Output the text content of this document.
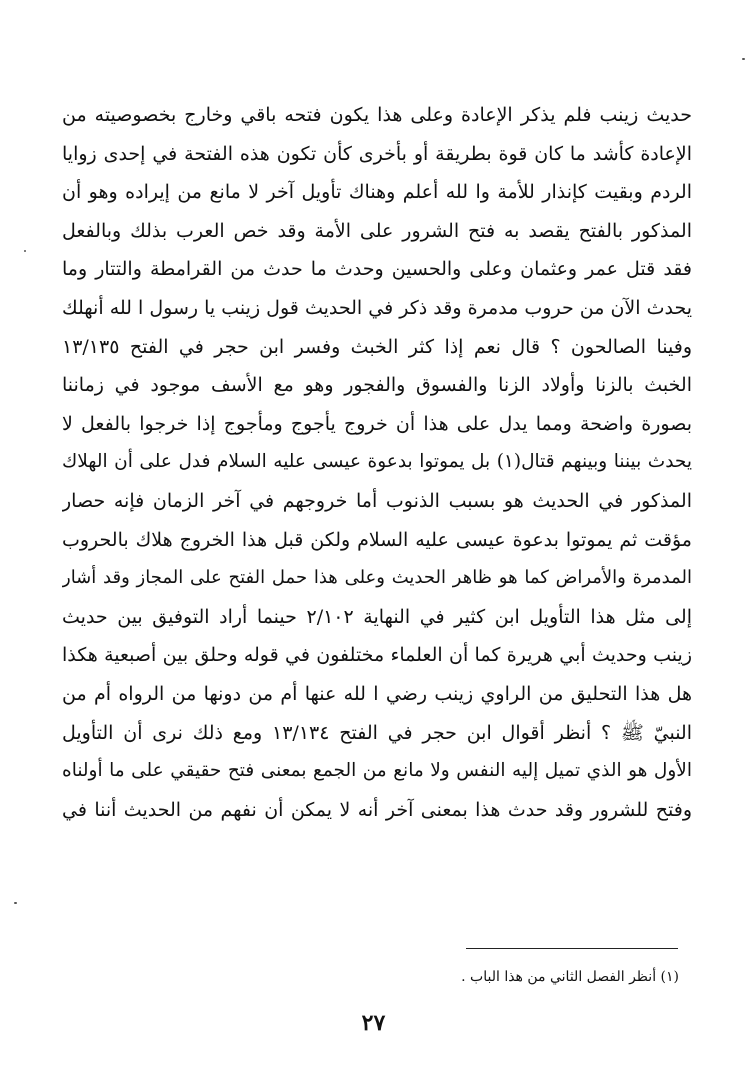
حديث زينب فلم يذكر الإعادة وعلى هذا يكون فتحه باقي وخارج بخصوصيته من
الإعادة كأشد ما كان قوة بطريقة أو بأخرى كأن تكون هذه الفتحة في إحدى زوايا
الردم وبقيت كإنذار للأمة وا لله أعلم وهناك تأويل آخر لا مانع من إيراده وهو أن
المذكور بالفتح يقصد به فتح الشرور على الأمة وقد خص العرب بذلك وبالفعل
فقد قتل عمر وعثمان وعلى والحسين وحدث ما حدث من القرامطة والتتار وما
يحدث الآن من حروب مدمرة وقد ذكر في الحديث قول زينب يا رسول ا لله أنهلك
وفينا الصالحون ؟ قال نعم إذا كثر الخبث وفسر ابن حجر في الفتح ١٣/١٣٥
الخبث بالزنا وأولاد الزنا والفسوق والفجور وهو مع الأسف موجود في زماننا
بصورة واضحة ومما يدل على هذا أن خروج يأجوج ومأجوج إذا خرجوا بالفعل لا
يحدث بيننا وبينهم قتال(١) بل يموتوا بدعوة عيسى عليه السلام فدل على أن الهلاك
المذكور في الحديث هو بسبب الذنوب أما خروجهم في آخر الزمان فإنه حصار
مؤقت ثم يموتوا بدعوة عيسى عليه السلام ولكن قبل هذا الخروج هلاك بالحروب
المدمرة والأمراض كما هو ظاهر الحديث وعلى هذا حمل الفتح على المجاز وقد أشار
إلى مثل هذا التأويل ابن كثير في النهاية ٢/١٠٢ حينما أراد التوفيق بين حديث
زينب وحديث أبي هريرة كما أن العلماء مختلفون في قوله وحلق بين أصبعية هكذا
هل هذا التحليق من الراوي زينب رضي ا لله عنها أم من دونها من الرواه أم من
النبيّ ﷺ ؟ أنظر أقوال ابن حجر في الفتح ١٣/١٣٤ ومع ذلك نرى أن التأويل
الأول هو الذي تميل إليه النفس ولا مانع من الجمع بمعنى فتح حقيقي على ما أولناه
وفتح للشرور وقد حدث هذا بمعنى آخر أنه لا يمكن أن نفهم من الحديث أننا في
(١) أنظر الفصل الثاني من هذا الباب .
٢٧
